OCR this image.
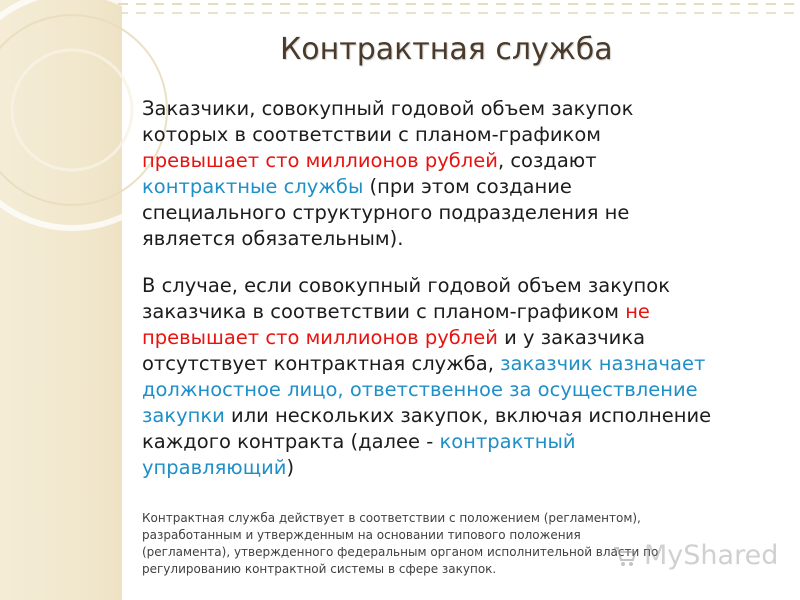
Контрактная служба
Заказчики, совокупный годовой объем закупок
которых в соответствии с планом-графиком
превышает сто миллионов рублей, создают
контрактные службы (при этом создание
специального структурного подразделения не
является обязательным).
В случае, если совокупный годовой объем закупок
заказчика в соответствии с планом-графиком не
превышает сто миллионов рублей и у заказчика
отсутствует контрактная служба, заказчик назначает
должностное лицо, ответственное за осуществление
закупки или нескольких закупок, включая исполнение
каждого контракта (далее - контрактный
управляющий)
Контрактная служба действует в соответствии с положением (регламентом),
разработанным и утвержденным на основании типового положения
(регламента), утвержденного федеральным органом исполнительной власти по
регулированию контрактной системы в сфере закупок.	MyShared
